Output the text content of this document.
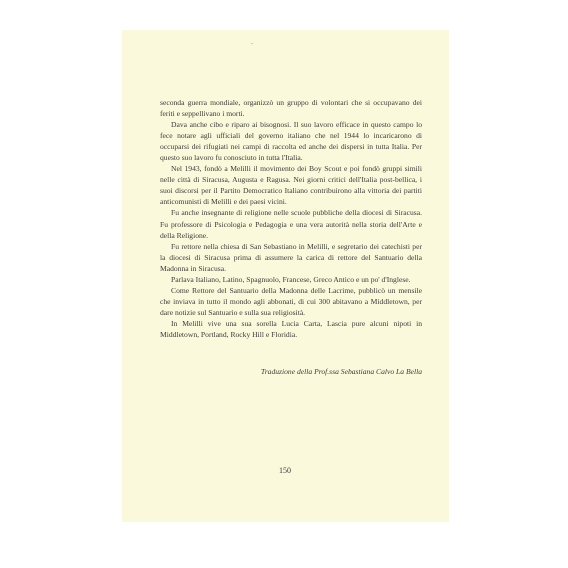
-

seconda guerra mondiale, organizzò un gruppo di volontari che si occupavano dei feriti e seppellivano i morti.

Dava anche cibo e riparo ai bisognosi. Il suo lavoro efficace in questo campo lo fece notare agli ufficiali del governo italiano che nel 1944 lo incaricarono di occuparsi dei rifugiati nei campi di raccolta ed anche dei dispersi in tutta Italia. Per questo suo lavoro fu conosciuto in tutta l'Italia.

Nel 1943, fondò a Melilli il movimento dei Boy Scout e poi fondò gruppi simili nelle città di Siracusa, Augusta e Ragusa. Nei giorni critici dell'Italia post-bellica, i suoi discorsi per il Partito Democratico Italiano contribuirono alla vittoria dei partiti anticomunisti di Melilli e dei paesi vicini.

Fu anche insegnante di religione nelle scuole pubbliche della diocesi di Siracusa. Fu professore di Psicologia e Pedagogia e una vera autorità nella storia dell'Arte e della Religione.

Fu rettore nella chiesa di San Sebastiano in Melilli, e segretario dei catechisti per la diocesi di Siracusa prima di assumere la carica di rettore del Santuario della Madonna in Siracusa.

Parlava Italiano, Latino, Spagnuolo, Francese, Greco Antico e un po' d'Inglese.

Come Rettore del Santuario della Madonna delle Lacrime, pubblicò un mensile che inviava in tutto il mondo agli abbonati, di cui 300 abitavano a Middletown, per dare notizie sul Santuario e sulla sua religiosità.

In Melilli vive una sua sorella Lucia Carta, Lascia pure alcuni nipoti in Middletown, Portland, Rocky Hill e Floridia.

Traduzione della Prof.ssa Sebastiana Calvo La Bella
150
